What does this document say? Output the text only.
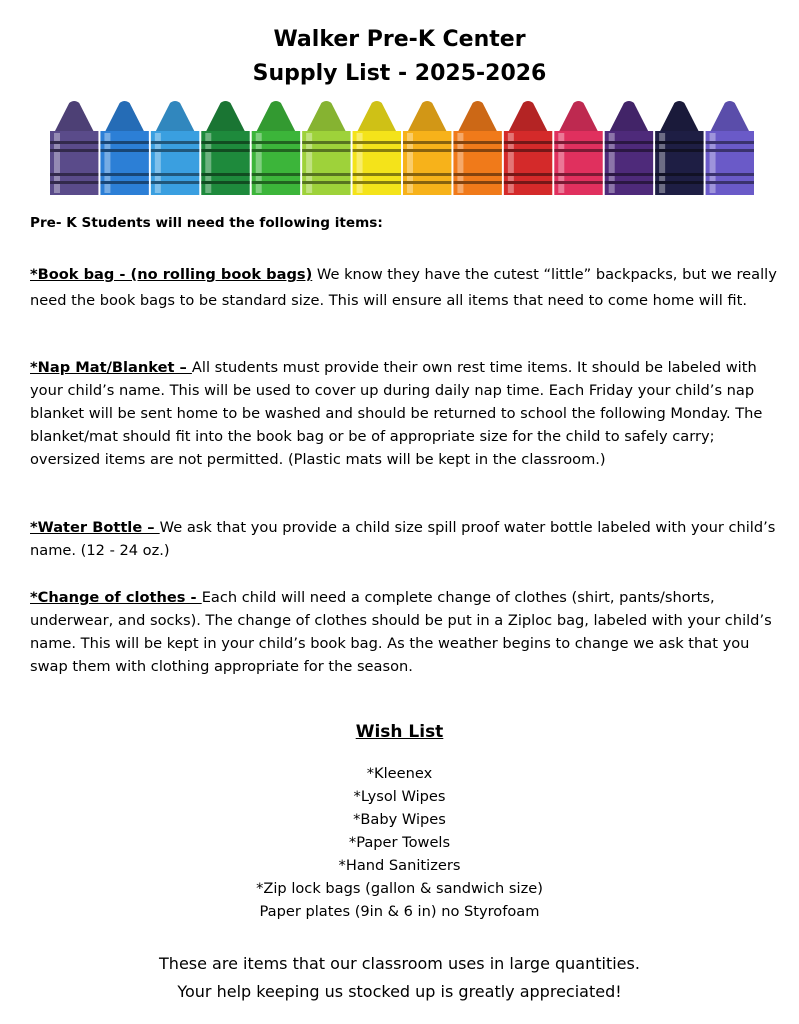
Walker Pre-K Center
Supply List - 2025-2026

Pre- K Students will need the following items:

*Book bag - (no rolling book bags) We know they have the cutest “little” backpacks, but we really need the book bags to be standard size. This will ensure all items that need to come home will fit.

*Nap Mat/Blanket – All students must provide their own rest time items. It should be labeled with your child’s name. This will be used to cover up during daily nap time. Each Friday your child’s nap blanket will be sent home to be washed and should be returned to school the following Monday. The blanket/mat should fit into the book bag or be of appropriate size for the child to safely carry; oversized items are not permitted. (Plastic mats will be kept in the classroom.)

*Water Bottle – We ask that you provide a child size spill proof water bottle labeled with your child’s name. (12 - 24 oz.)

*Change of clothes - Each child will need a complete change of clothes (shirt, pants/shorts, underwear, and socks). The change of clothes should be put in a Ziploc bag, labeled with your child’s name. This will be kept in your child’s book bag. As the weather begins to change we ask that you swap them with clothing appropriate for the season.

Wish List
*Kleenex
*Lysol Wipes
*Baby Wipes
*Paper Towels
*Hand Sanitizers
*Zip lock bags (gallon & sandwich size)
Paper plates (9in & 6 in) no Styrofoam
These are items that our classroom uses in large quantities.
Your help keeping us stocked up is greatly appreciated!
